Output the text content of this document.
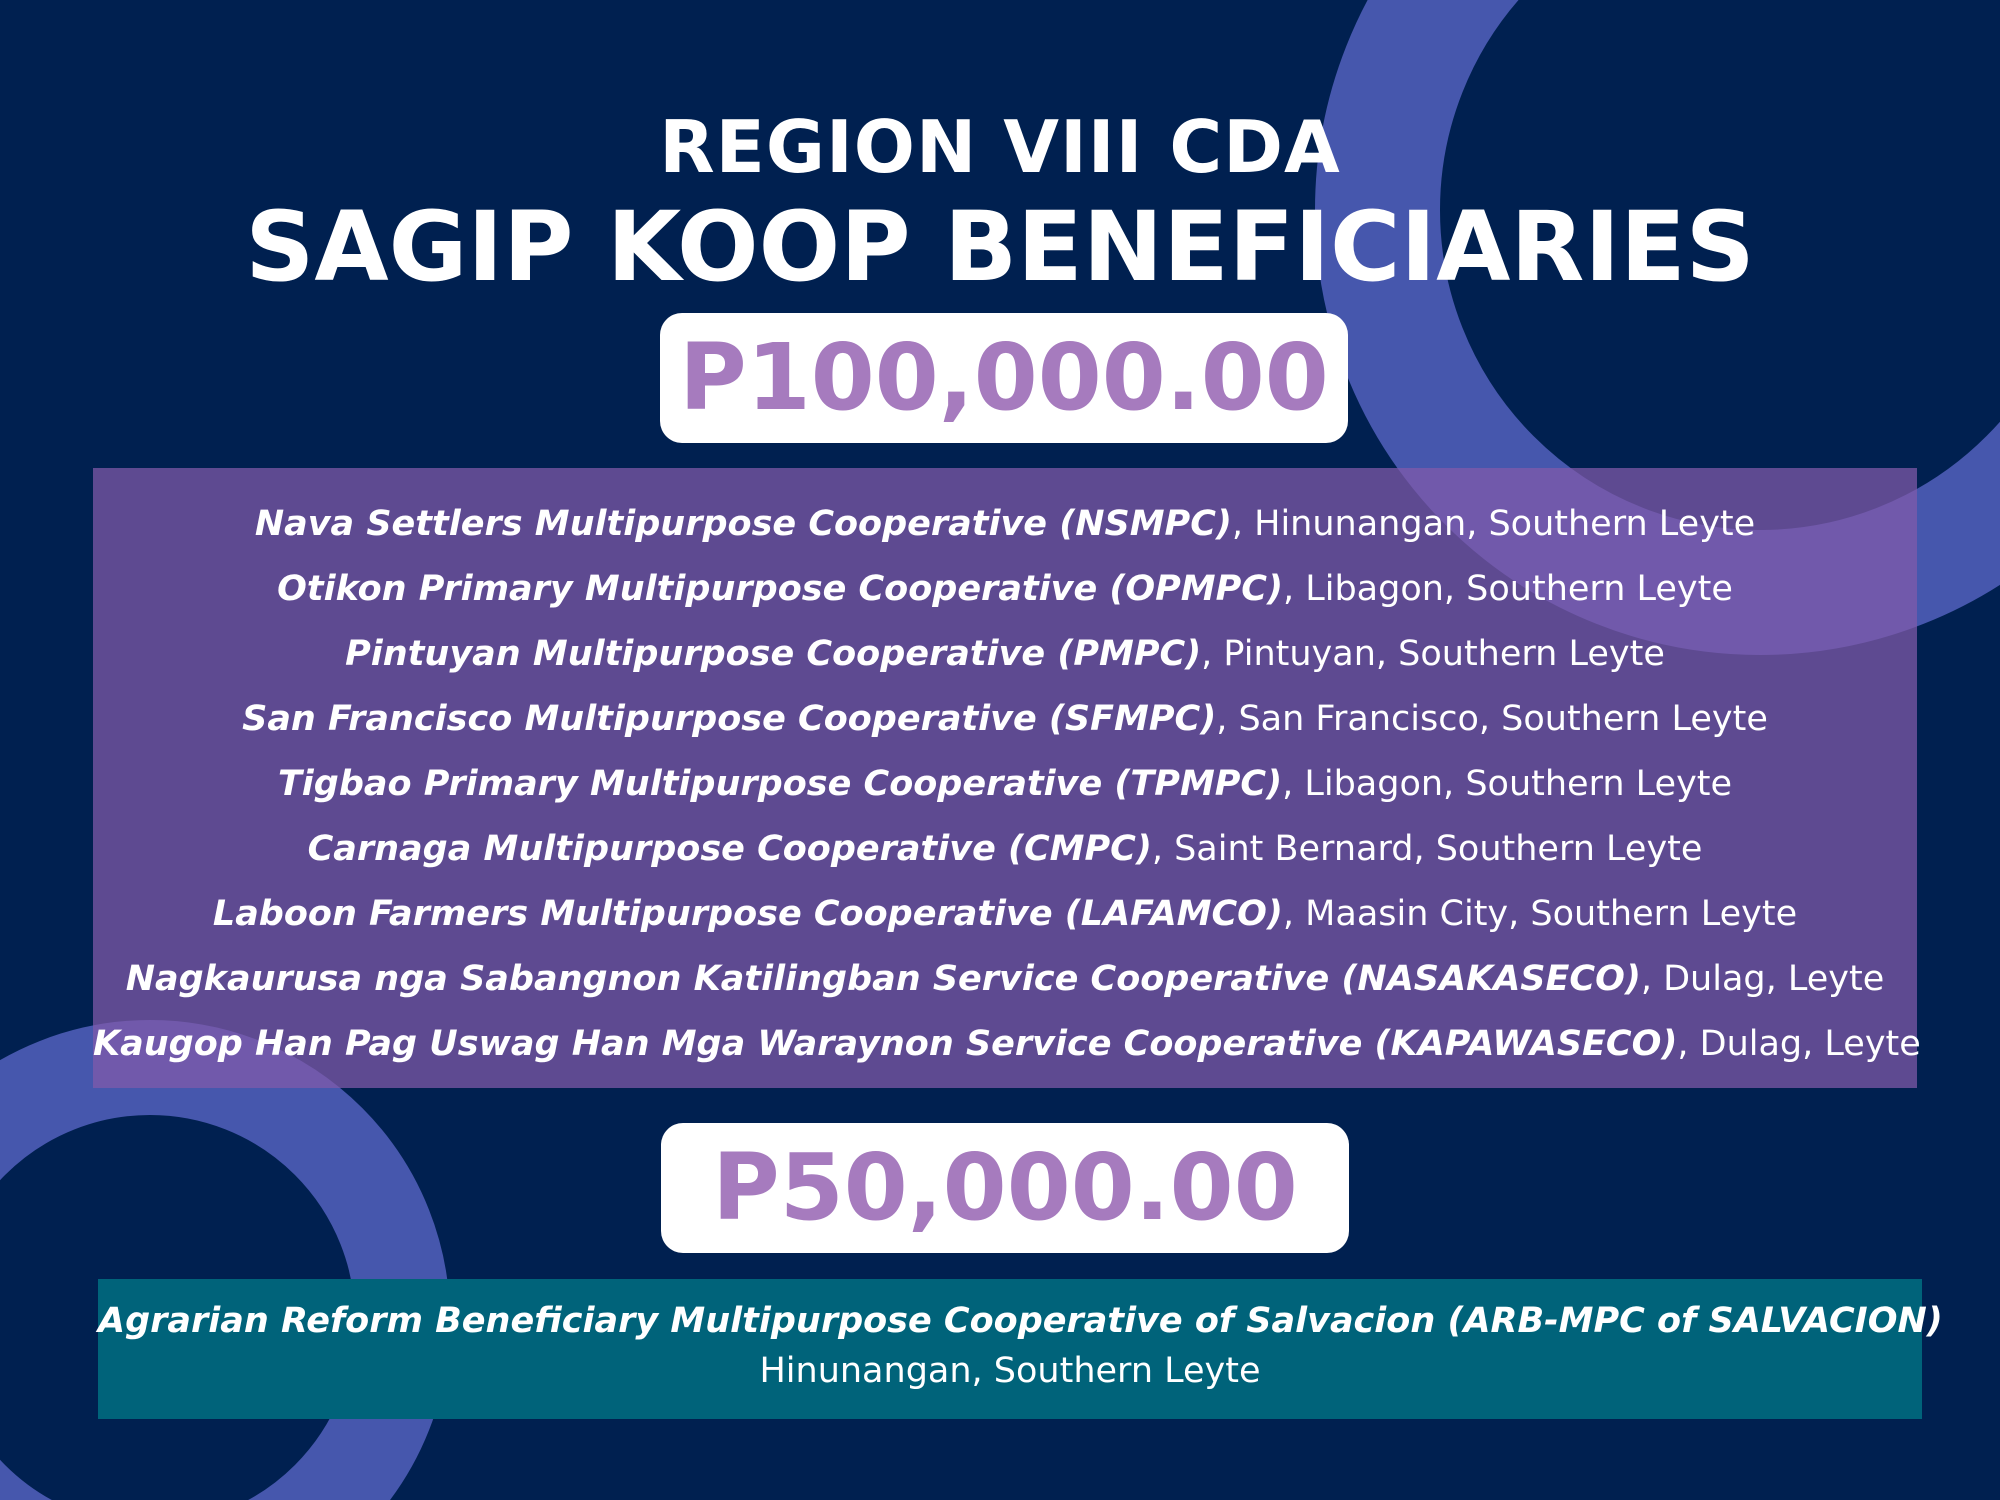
REGION VIII CDA
SAGIP KOOP BENEFICIARIES
P100,000.00
Nava Settlers Multipurpose Cooperative (NSMPC), Hinunangan, Southern Leyte
Otikon Primary Multipurpose Cooperative (OPMPC), Libagon, Southern Leyte
Pintuyan Multipurpose Cooperative (PMPC), Pintuyan, Southern Leyte
San Francisco Multipurpose Cooperative (SFMPC), San Francisco, Southern Leyte
Tigbao Primary Multipurpose Cooperative (TPMPC), Libagon, Southern Leyte
Carnaga Multipurpose Cooperative (CMPC), Saint Bernard, Southern Leyte
Laboon Farmers Multipurpose Cooperative (LAFAMCO), Maasin City, Southern Leyte
Nagkaurusa nga Sabangnon Katilingban Service Cooperative (NASAKASECO), Dulag, Leyte
Kaugop Han Pag Uswag Han Mga Waraynon Service Cooperative (KAPAWASECO), Dulag, Leyte
P50,000.00
Agrarian Reform Beneficiary Multipurpose Cooperative of Salvacion (ARB-MPC of SALVACION)
Hinunangan, Southern Leyte
